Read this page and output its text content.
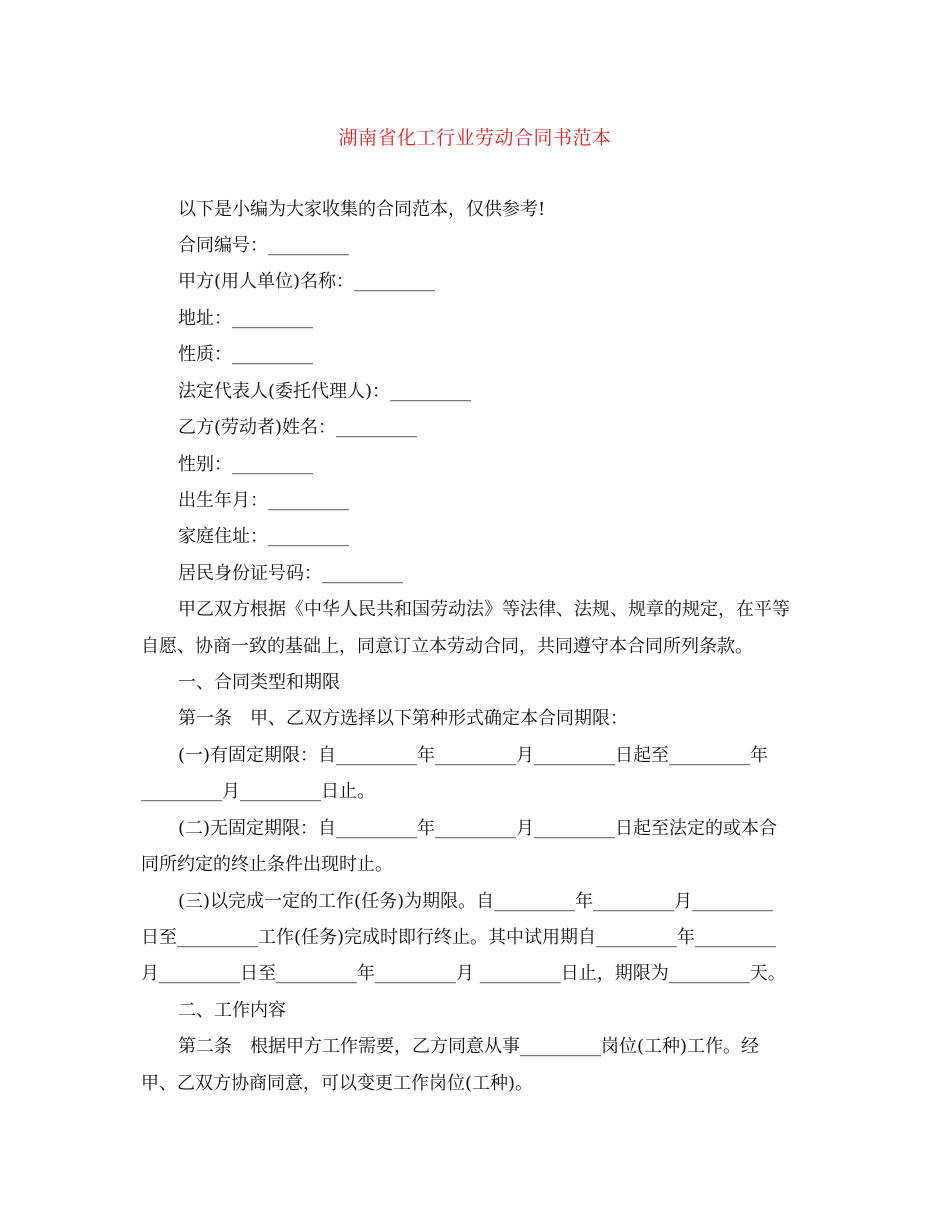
湖南省化工行业劳动合同书范本
以下是小编为大家收集的合同范本，仅供参考!
合同编号：_________
甲方(用人单位)名称：_________
地址：_________
性质：_________
法定代表人(委托代理人)：_________
乙方(劳动者)姓名：_________
性别：_________
出生年月：_________
家庭住址：_________
居民身份证号码：_________
甲乙双方根据《中华人民共和国劳动法》等法律、法规、规章的规定，在平等
自愿、协商一致的基础上，同意订立本劳动合同，共同遵守本合同所列条款。
一、合同类型和期限
第一条　甲、乙双方选择以下第种形式确定本合同期限：
(一)有固定期限：自_________年_________月_________日起至_________年
_________月_________日止。
(二)无固定期限：自_________年_________月_________日起至法定的或本合
同所约定的终止条件出现时止。
(三)以完成一定的工作(任务)为期限。自_________年_________月_________
日至_________工作(任务)完成时即行终止。其中试用期自_________年_________
月_________日至_________年_________月 _________日止，期限为_________天。
二、工作内容
第二条　根据甲方工作需要，乙方同意从事_________岗位(工种)工作。经
甲、乙双方协商同意，可以变更工作岗位(工种)。
